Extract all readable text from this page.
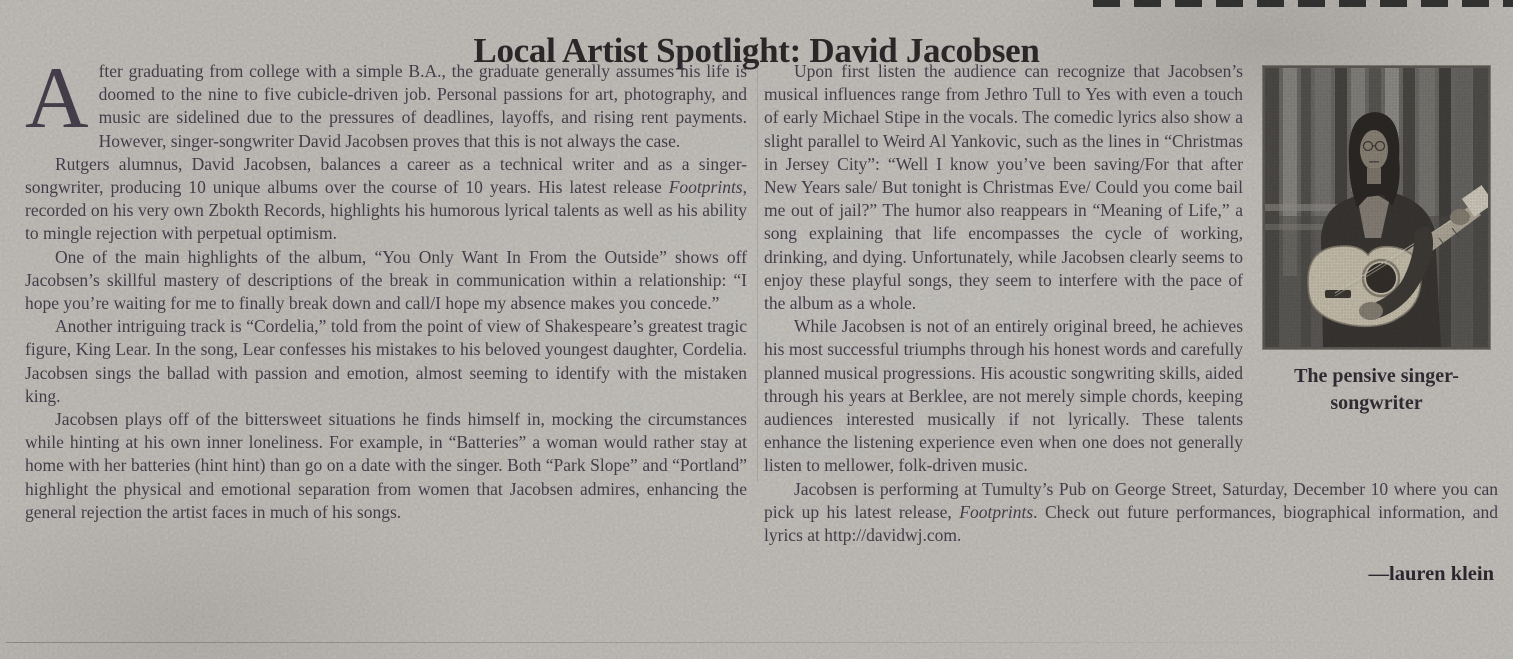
Local Artist Spotlight: David Jacobsen

After graduating from college with a simple B.A., the graduate generally assumes his life is doomed to the nine to five cubicle-driven job. Personal passions for art, photography, and music are sidelined due to the pressures of deadlines, layoffs, and rising rent payments. However, singer-songwriter David Jacobsen proves that this is not always the case.

Rutgers alumnus, David Jacobsen, balances a career as a technical writer and as a singer-songwriter, producing 10 unique albums over the course of 10 years. His latest release Footprints, recorded on his very own Zbokth Records, highlights his humorous lyrical talents as well as his ability to mingle rejection with perpetual optimism.

One of the main highlights of the album, “You Only Want In From the Outside” shows off Jacobsen’s skillful mastery of descriptions of the break in communication within a relationship: “I hope you’re waiting for me to finally break down and call/I hope my absence makes you concede.”

Another intriguing track is “Cordelia,” told from the point of view of Shakespeare’s greatest tragic figure, King Lear. In the song, Lear confesses his mistakes to his beloved youngest daughter, Cordelia. Jacobsen sings the ballad with passion and emotion, almost seeming to identify with the mistaken king.

Jacobsen plays off of the bittersweet situations he finds himself in, mocking the circumstances while hinting at his own inner loneliness. For example, in “Batteries” a woman would rather stay at home with her batteries (hint hint) than go on a date with the singer. Both “Park Slope” and “Portland” highlight the physical and emotional separation from women that Jacobsen admires, enhancing the general rejection the artist faces in much of his songs.

The pensive singer-
songwriter

Upon first listen the audience can recognize that Jacobsen’s musical influences range from Jethro Tull to Yes with even a touch of early Michael Stipe in the vocals. The comedic lyrics also show a slight parallel to Weird Al Yankovic, such as the lines in “Christmas in Jersey City”: “Well I know you’ve been saving/For that after New Years sale/ But tonight is Christmas Eve/ Could you come bail me out of jail?” The humor also reappears in “Meaning of Life,” a song explaining that life encompasses the cycle of working, drinking, and dying. Unfortunately, while Jacobsen clearly seems to enjoy these playful songs, they seem to interfere with the pace of the album as a whole.

While Jacobsen is not of an entirely original breed, he achieves his most successful triumphs through his honest words and carefully planned musical progressions. His acoustic songwriting skills, aided through his years at Berklee, are not merely simple chords, keeping audiences interested musically if not lyrically. These talents enhance the listening experience even when one does not generally listen to mellower, folk-driven music.

Jacobsen is performing at Tumulty’s Pub on George Street, Saturday, December 10 where you can pick up his latest release, Footprints. Check out future performances, biographical information, and lyrics at http://davidwj.com.

—lauren klein
